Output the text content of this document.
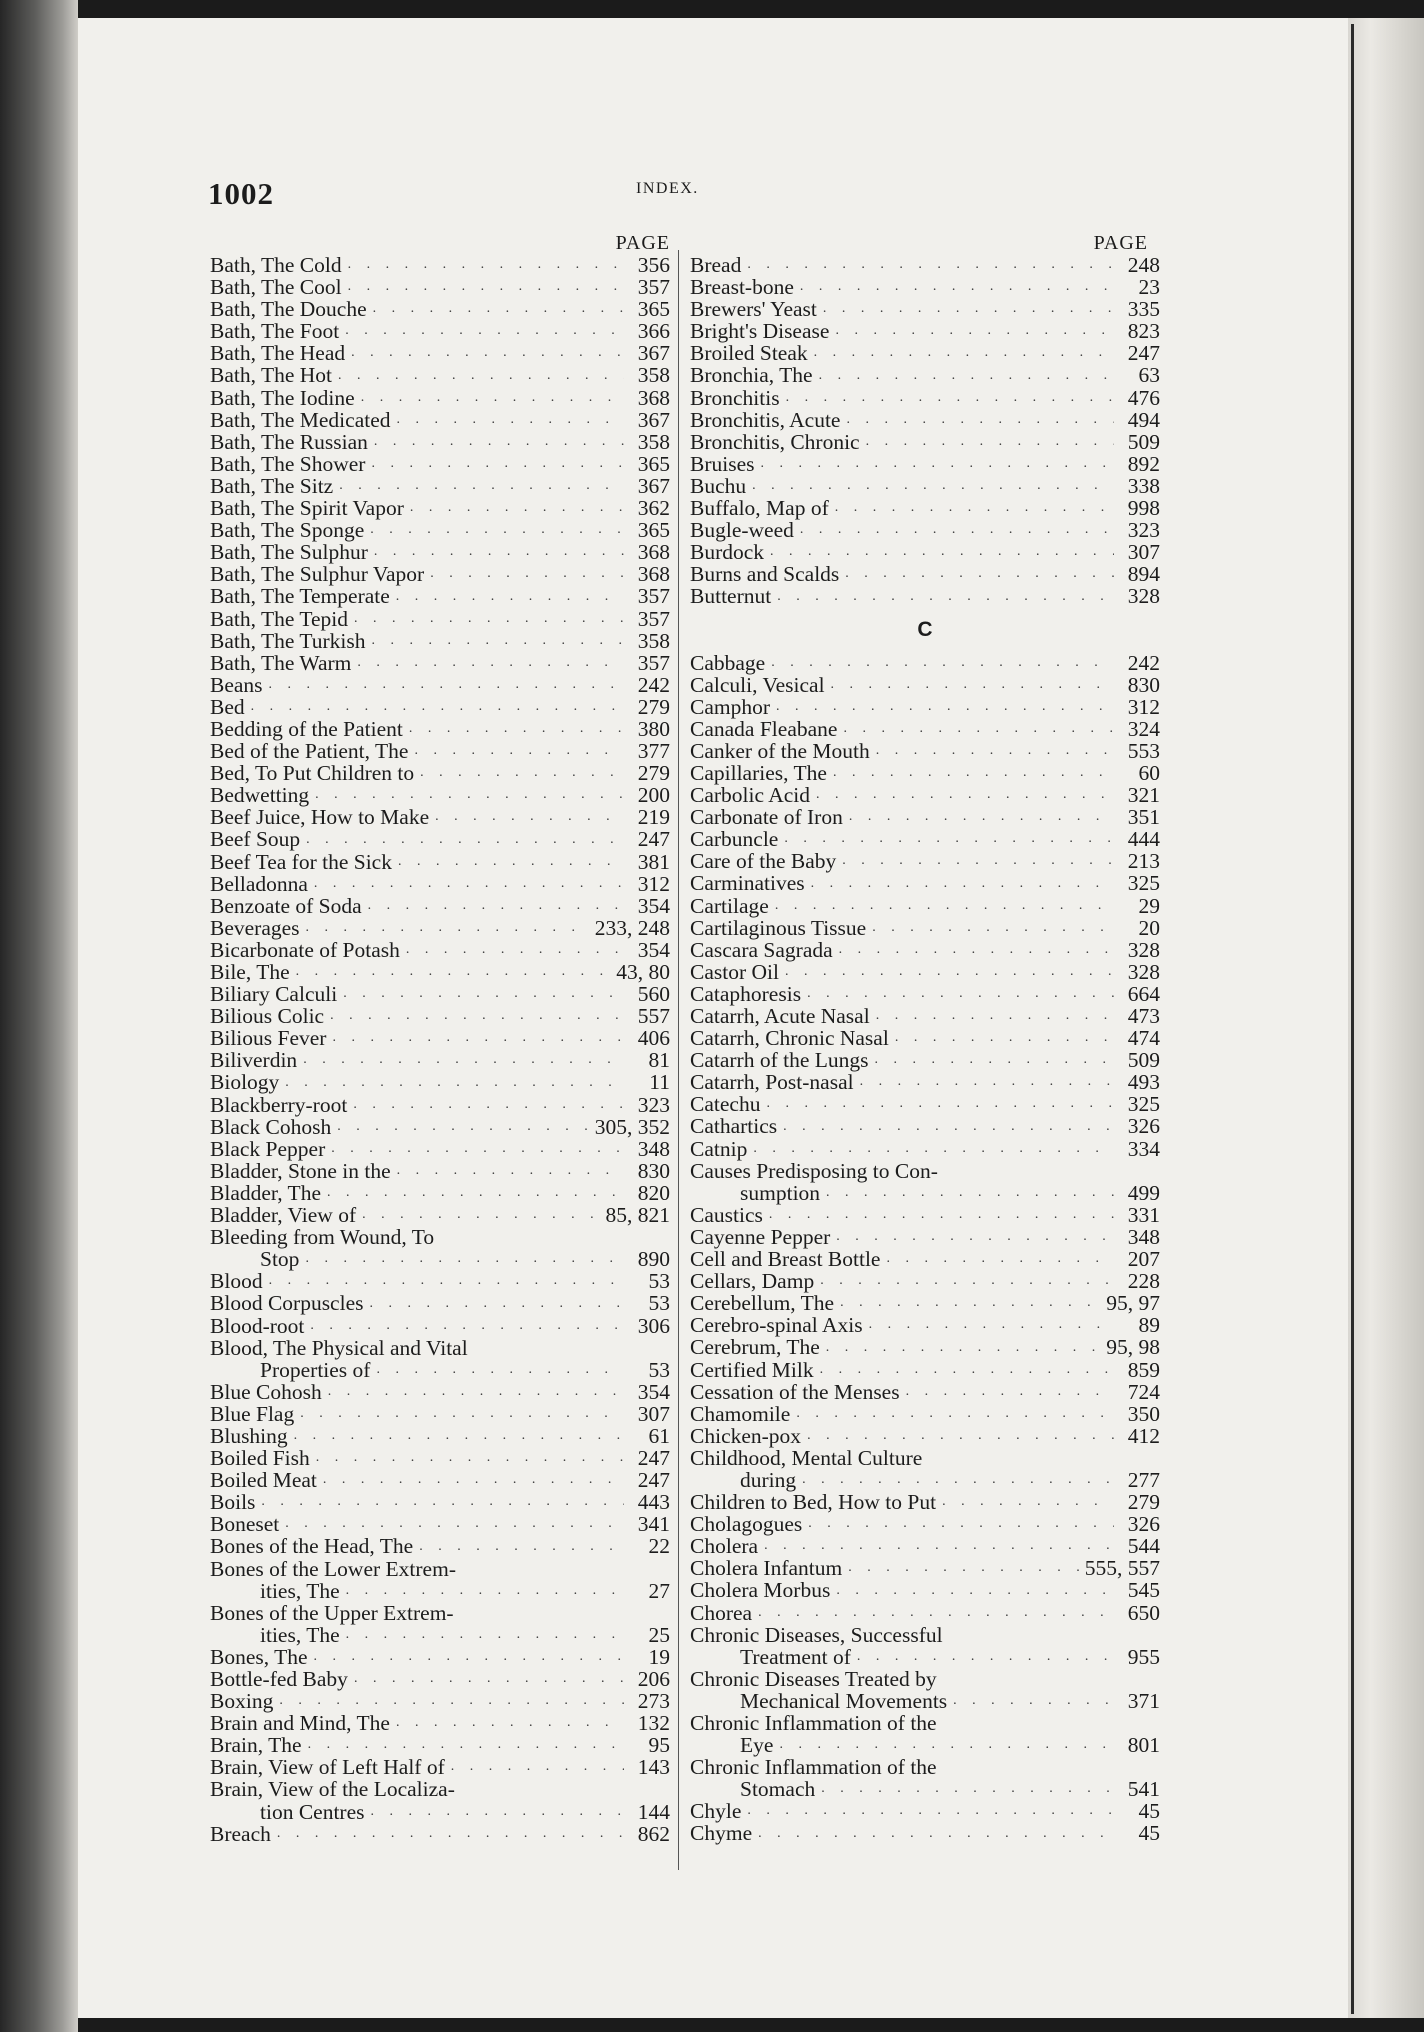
1002	INDEX.
PAGE
Bath, The Cold . . .	356
Bath, The Cool . . .	357
Bath, The Douche . . .	365
Bath, The Foot . . .	366
Bath, The Head . . .	367
Bath, The Hot . . .	358
Bath, The Iodine . . .	368
Bath, The Medicated . . .	367
Bath, The Russian . . .	358
Bath, The Shower . . .	365
Bath, The Sitz . . .	367
Bath, The Spirit Vapor . . .	362
Bath, The Sponge . . .	365
Bath, The Sulphur . . .	368
Bath, The Sulphur Vapor . . .	368
Bath, The Temperate . . .	357
Bath, The Tepid . . .	357
Bath, The Turkish . . .	358
Bath, The Warm . . .	357
Beans . . .	242
Bed . . .	279
Bedding of the Patient . . .	380
Bed of the Patient, The . . .	377
Bed, To Put Children to . . .	279
Bedwetting . . .	200
Beef Juice, How to Make . . .	219
Beef Soup . . .	247
Beef Tea for the Sick . . .	381
Belladonna . . .	312
Benzoate of Soda . . .	354
Beverages . . .	233, 248
Bicarbonate of Potash . . .	354
Bile, The . . .	43, 80
Biliary Calculi . . .	560
Bilious Colic . . .	557
Bilious Fever . . .	406
Biliverdin . . .	81
Biology . . .	11
Blackberry-root . . .	323
Black Cohosh . . .	305, 352
Black Pepper . . .	348
Bladder, Stone in the . . .	830
Bladder, The . . .	820
Bladder, View of . . .	85, 821
Bleeding from Wound, To
Stop . . .	890
Blood . . .	53
Blood Corpuscles . . .	53
Blood-root . . .	306
Blood, The Physical and Vital
Properties of . . .	53
Blue Cohosh . . .	354
Blue Flag . . .	307
Blushing . . .	61
Boiled Fish . . .	247
Boiled Meat . . .	247
Boils . . .	443
Boneset . . .	341
Bones of the Head, The . . .	22
Bones of the Lower Extrem-
ities, The . . .	27
Bones of the Upper Extrem-
ities, The . . .	25
Bones, The . . .	19
Bottle-fed Baby . . .	206
Boxing . . .	273
Brain and Mind, The . . .	132
Brain, The . . .	95
Brain, View of Left Half of . . .	143
Brain, View of the Localiza-
tion Centres . . .	144
Breach . . .	862
PAGE
Bread . . .	248
Breast-bone . . .	23
Brewers' Yeast . . .	335
Bright's Disease . . .	823
Broiled Steak . . .	247
Bronchia, The . . .	63
Bronchitis . . .	476
Bronchitis, Acute . . .	494
Bronchitis, Chronic . . .	509
Bruises . . .	892
Buchu . . .	338
Buffalo, Map of . . .	998
Bugle-weed . . .	323
Burdock . . .	307
Burns and Scalds . . .	894
Butternut . . .	328
C
Cabbage . . .	242
Calculi, Vesical . . .	830
Camphor . . .	312
Canada Fleabane . . .	324
Canker of the Mouth . . .	553
Capillaries, The . . .	60
Carbolic Acid . . .	321
Carbonate of Iron . . .	351
Carbuncle . . .	444
Care of the Baby . . .	213
Carminatives . . .	325
Cartilage . . .	29
Cartilaginous Tissue . . .	20
Cascara Sagrada . . .	328
Castor Oil . . .	328
Cataphoresis . . .	664
Catarrh, Acute Nasal . . .	473
Catarrh, Chronic Nasal . . .	474
Catarrh of the Lungs . . .	509
Catarrh, Post-nasal . . .	493
Catechu . . .	325
Cathartics . . .	326
Catnip . . .	334
Causes Predisposing to Con-
sumption . . .	499
Caustics . . .	331
Cayenne Pepper . . .	348
Cell and Breast Bottle . . .	207
Cellars, Damp . . .	228
Cerebellum, The . . .	95, 97
Cerebro-spinal Axis . . .	89
Cerebrum, The . . .	95, 98
Certified Milk . . .	859
Cessation of the Menses . . .	724
Chamomile . . .	350
Chicken-pox . . .	412
Childhood, Mental Culture
during . . .	277
Children to Bed, How to Put . . .	279
Cholagogues . . .	326
Cholera . . .	544
Cholera Infantum . . .	555, 557
Cholera Morbus . . .	545
Chorea . . .	650
Chronic Diseases, Successful
Treatment of . . .	955
Chronic Diseases Treated by
Mechanical Movements . . .	371
Chronic Inflammation of the
Eye . . .	801
Chronic Inflammation of the
Stomach . . .	541
Chyle . . .	45
Chyme . . .	45
